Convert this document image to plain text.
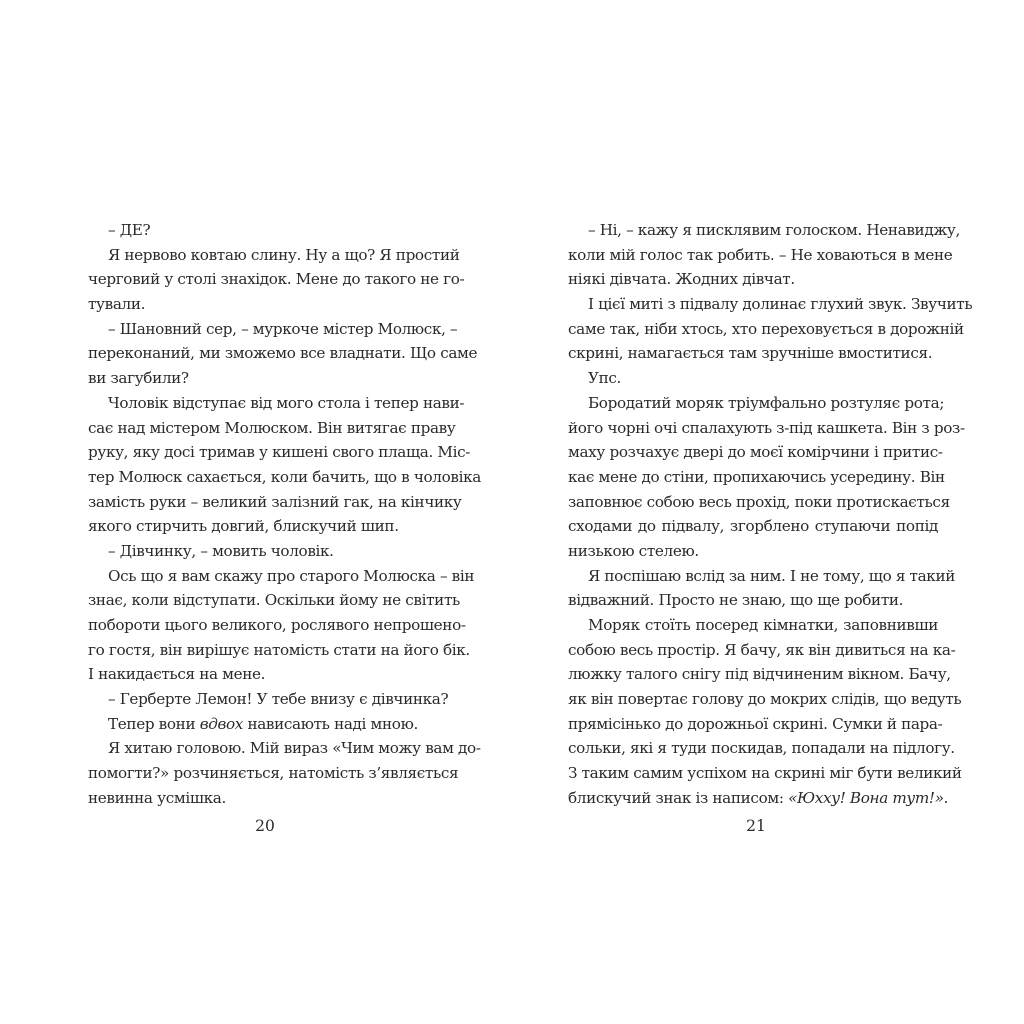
– ДЕ?
Я нервово ковтаю слину. Ну а що? Я простий
черговий у столі знахідок. Мене до такого не го-
тували.
– Шановний сер, – муркоче містер Молюск, –
переконаний, ми зможемо все владнати. Що саме
ви загубили?
Чоловік відступає від мого стола і тепер нави-
сає над містером Молюском. Він витягає праву
руку, яку досі тримав у кишені свого плаща. Міс-
тер Молюск сахається, коли бачить, що в чоловіка
замість руки – великий залізний гак, на кінчику
якого стирчить довгий, блискучий шип.
– Дівчинку, – мовить чоловік.
Ось що я вам скажу про старого Молюска – він
знає, коли відступати. Оскільки йому не світить
побороти цього великого, рослявого непрошено-
го гостя, він вирішує натомість стати на його бік.
І накидається на мене.
– Герберте Лемон! У тебе внизу є дівчинка?
Тепер вони вдвох нависають наді мною.
Я хитаю головою. Мій вираз «Чим можу вам до-
помогти?» розчиняється, натомість з’являється
невинна усмішка.
20
– Ні, – кажу я писклявим голоском. Ненавиджу,
коли мій голос так робить. – Не ховаються в мене
ніякі дівчата. Жодних дівчат.
І цієї миті з підвалу долинає глухий звук. Звучить
саме так, ніби хтось, хто переховується в дорожній
скрині, намагається там зручніше вмоститися.
Упс.
Бородатий моряк тріумфально розтуляє рота;
його чорні очі спалахують з-під кашкета. Він з роз-
маху розчахує двері до моєї комірчини і притис-
кає мене до стіни, пропихаючись усередину. Він
заповнює собою весь прохід, поки протискається
сходами до підвалу, згорблено ступаючи попід
низькою стелею.
Я поспішаю вслід за ним. І не тому, що я такий
відважний. Просто не знаю, що ще робити.
Моряк стоїть посеред кімнатки, заповнивши
собою весь простір. Я бачу, як він дивиться на ка-
люжку талого снігу під відчиненим вікном. Бачу,
як він повертає голову до мокрих слідів, що ведуть
прямісінько до дорожньої скрині. Сумки й пара-
сольки, які я туди поскидав, попадали на підлогу.
З таким самим успіхом на скрині міг бути великий
блискучий знак із написом: «Юхху! Вона тут!».
21
